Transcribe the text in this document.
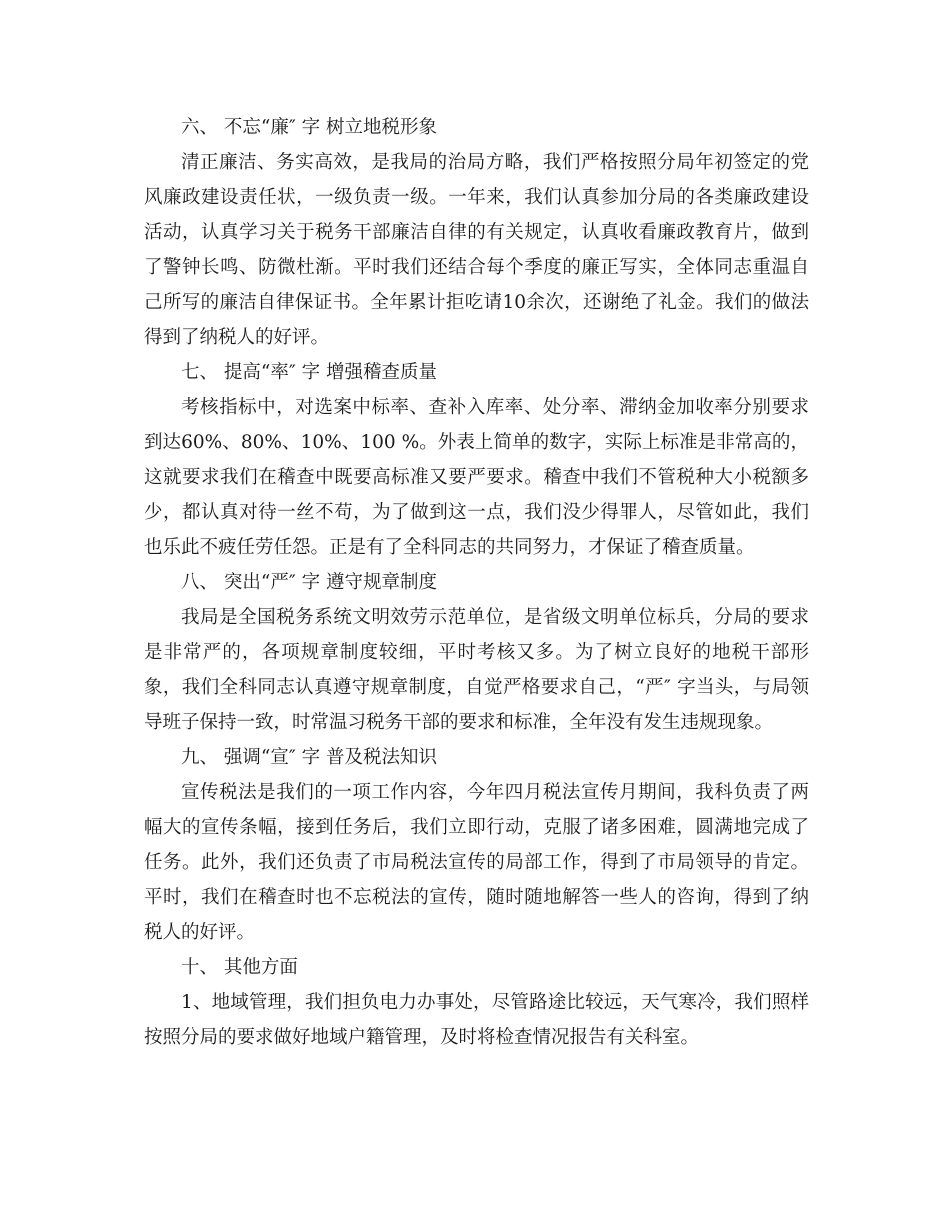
六、 不忘“廉″ 字 树立地税形象

清正廉洁、务实高效，是我局的治局方略，我们严格按照分局年初签定的党风廉政建设责任状，一级负责一级。一年来，我们认真参加分局的各类廉政建设活动，认真学习关于税务干部廉洁自律的有关规定，认真收看廉政教育片，做到了警钟长鸣、防微杜渐。平时我们还结合每个季度的廉正写实，全体同志重温自己所写的廉洁自律保证书。全年累计拒吃请10余次，还谢绝了礼金。我们的做法得到了纳税人的好评。

七、 提高“率″ 字 增强稽查质量

考核指标中，对选案中标率、查补入库率、处分率、滞纳金加收率分别要求到达60%、80%、10%、100 %。外表上简单的数字，实际上标准是非常高的，这就要求我们在稽查中既要高标准又要严要求。稽查中我们不管税种大小税额多少，都认真对待一丝不苟，为了做到这一点，我们没少得罪人，尽管如此，我们也乐此不疲任劳任怨。正是有了全科同志的共同努力，才保证了稽查质量。

八、 突出“严″ 字 遵守规章制度

我局是全国税务系统文明效劳示范单位，是省级文明单位标兵，分局的要求是非常严的，各项规章制度较细，平时考核又多。为了树立良好的地税干部形象，我们全科同志认真遵守规章制度，自觉严格要求自己，“严″ 字当头，与局领导班子保持一致，时常温习税务干部的要求和标准，全年没有发生违规现象。

九、 强调“宣″ 字 普及税法知识

宣传税法是我们的一项工作内容，今年四月税法宣传月期间，我科负责了两幅大的宣传条幅，接到任务后，我们立即行动，克服了诸多困难，圆满地完成了任务。此外，我们还负责了市局税法宣传的局部工作，得到了市局领导的肯定。平时，我们在稽查时也不忘税法的宣传，随时随地解答一些人的咨询，得到了纳税人的好评。

十、 其他方面

1、地域管理，我们担负电力办事处，尽管路途比较远，天气寒冷，我们照样按照分局的要求做好地域户籍管理，及时将检查情况报告有关科室。
